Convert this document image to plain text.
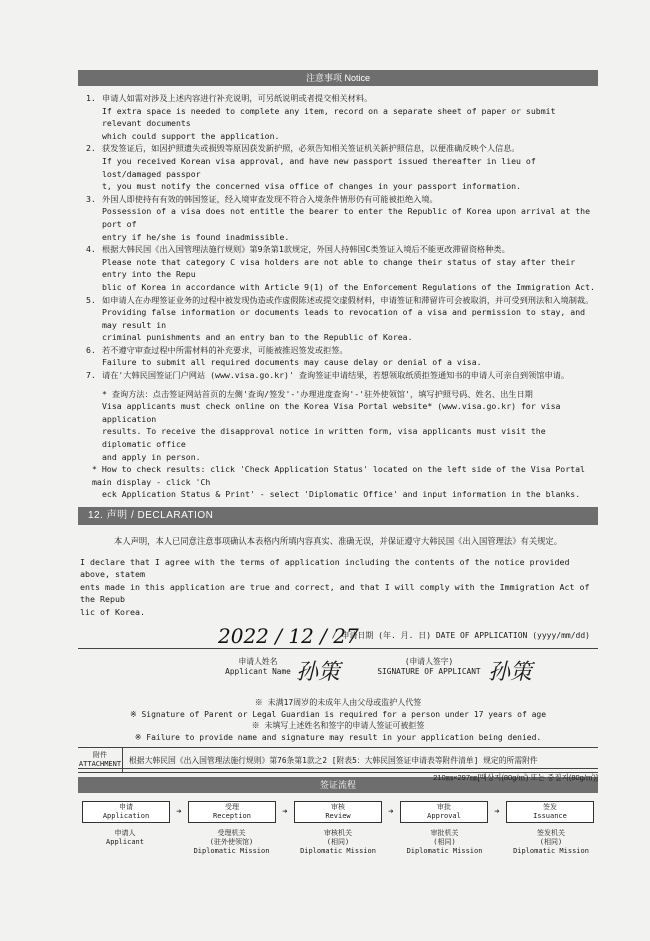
注意事项 Notice
1. 申请人如需对涉及上述内容进行补充说明，可另纸说明或者提交相关材料。
If extra space is needed to complete any item, record on a separate sheet of paper or submit relevant documents
which could support the application.
2. 获发签证后，如因护照遗失或损毁等原因获发新护照，必须告知相关签证机关新护照信息，以便准确反映个人信息。
If you received Korean visa approval, and have new passport issued thereafter in lieu of lost/damaged passpor
t, you must notify the concerned visa office of changes in your passport information.
3. 外国人即使持有有效的韩国签证，经入境审查发现不符合入境条件情形仍有可能被拒绝入境。
Possession of a visa does not entitle the bearer to enter the Republic of Korea upon arrival at the port of
entry if he/she is found inadmissible.
4. 根据大韩民国《出入国管理法施行规则》第9条第1款规定，外国人持韩国C类签证入境后不能更改滞留资格种类。
Please note that category C visa holders are not able to change their status of stay after their entry into the Repu
blic of Korea in accordance with Article 9(1) of the Enforcement Regulations of the Immigration Act.
5. 如申请人在办理签证业务的过程中被发现伪造或作虚假陈述或提交虚假材料，申请签证和滞留许可会被取消，并可受到刑法和入境制裁。
Providing false information or documents leads to revocation of a visa and permission to stay, and may result in
criminal punishments and an entry ban to the Republic of Korea.
6. 若不遵守审查过程中所需材料的补充要求，可能被推迟签发或拒签。
Failure to submit all required documents may cause delay or denial of a visa.
7. 请在'大韩民国签证门户网站 (www.visa.go.kr)' 查询签证申请结果，若想领取纸质拒签通知书的申请人可亲自到领馆申请。
* 查询方法：点击签证网站首页的左侧'查询/签发'-'办理进度查询'-'驻外使领馆'，填写护照号码、姓名、出生日期
Visa applicants must check online on the Korea Visa Portal website* (www.visa.go.kr) for visa application
results. To receive the disapproval notice in written form, visa applicants must visit the diplomatic office
and apply in person.
* How to check results: click 'Check Application Status' located on the left side of the Visa Portal main display - click 'Ch
eck Application Status & Print' - select 'Diplomatic Office' and input information in the blanks.
12. 声明 / DECLARATION
本人声明，本人已同意注意事项确认本表格内所填内容真实、准确无误，并保证遵守大韩民国《出入国管理法》有关规定。
I declare that I agree with the terms of application including the contents of the notice provided above, statem
ents made in this application are true and correct, and that I will comply with the Immigration Act of the Repub
lic of Korea.
2022 / 12 / 27
/ 申请日期 (年. 月. 日) DATE OF APPLICATION (yyyy/mm/dd)
申请人姓名
Applicant Name 孙策	(申请人签字)
SIGNATURE OF APPLICANT 孙策
※ 未满17周岁的未成年人由父母或监护人代签
※ Signature of Parent or Legal Guardian is required for a person under 17 years of age
※ 未填写上述姓名和签字的申请人签证可被拒签
※ Failure to provide name and signature may result in your application being denied.
附件
ATTACHMENT	根据大韩民国《出入国管理法施行规则》第76条第1款之2 [附表5：大韩民国签证申请表等附件清单] 规定的所需附件
签证流程
申请
Application	➔	受理
Reception	➔	审核
Review	➔	审批
Approval	➔	签发
Issuance
申请人
Applicant
受理机关
(驻外使领馆)
Diplomatic Mission
审核机关
(相同)
Diplomatic Mission
审批机关
(相同)
Diplomatic Mission
签发机关
(相同)
Diplomatic Mission
210㎜×297㎜[백상지(80g/㎡) 또는 중질지(80g/㎡)]
